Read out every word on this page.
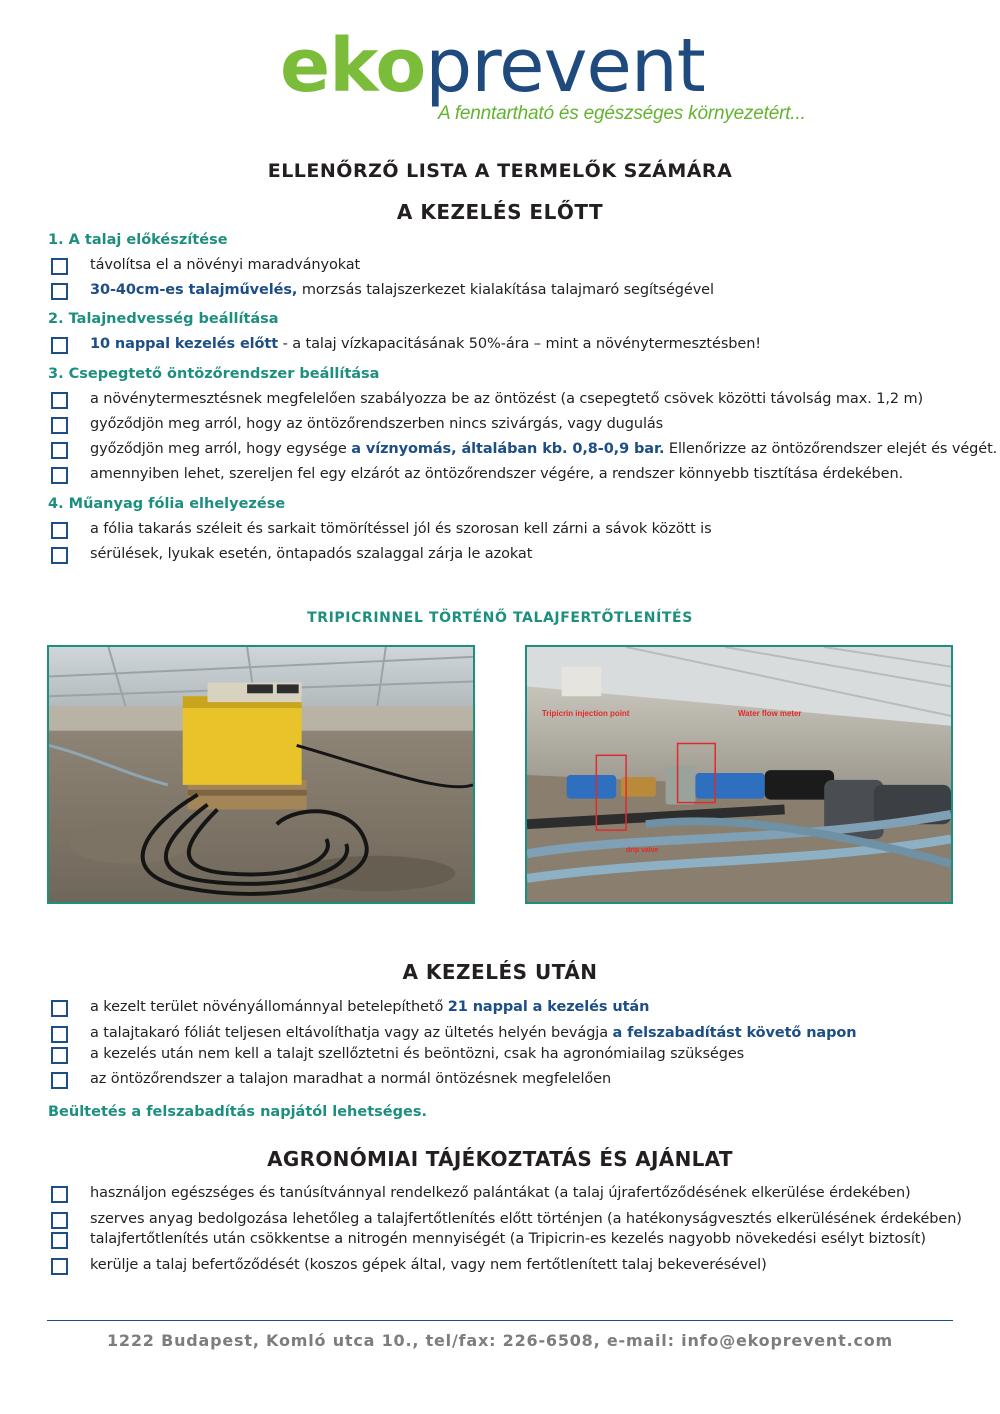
ekoprevent
A fenntartható és egészséges környezetért...
ELLENŐRZŐ LISTA A TERMELŐK SZÁMÁRA
A KEZELÉS ELŐTT
1. A talaj előkészítése
távolítsa el a növényi maradványokat
30-40cm-es talajművelés, morzsás talajszerkezet kialakítása talajmaró segítségével
2. Talajnedvesség beállítása
10 nappal kezelés előtt - a talaj vízkapacitásának 50%-ára – mint a növénytermesztésben!
3. Csepegtető öntözőrendszer beállítása
a növénytermesztésnek megfelelően szabályozza be az öntözést (a csepegtető csövek közötti távolság max. 1,2 m)
győződjön meg arról, hogy az öntözőrendszerben nincs szivárgás, vagy dugulás
győződjön meg arról, hogy egysége a víznyomás, általában kb. 0,8-0,9 bar. Ellenőrizze az öntözőrendszer elejét és végét.
amennyiben lehet, szereljen fel egy elzárót az öntözőrendszer végére, a rendszer könnyebb tisztítása érdekében.
4. Műanyag fólia elhelyezése
a fólia takarás széleit és sarkait tömörítéssel jól és szorosan kell zárni a sávok között is
sérülések, lyukak esetén, öntapadós szalaggal zárja le azokat
TRIPICRINNEL TÖRTÉNŐ TALAJFERTŐTLENÍTÉS
Tripicrin injection point	Water flow meter
drip valve
A KEZELÉS UTÁN
a kezelt terület növényállománnyal betelepíthető 21 nappal a kezelés után
a talajtakaró fóliát teljesen eltávolíthatja vagy az ültetés helyén bevágja a felszabadítást követő napon
a kezelés után nem kell a talajt szellőztetni és beöntözni, csak ha agronómiailag szükséges
az öntözőrendszer a talajon maradhat a normál öntözésnek megfelelően
Beültetés a felszabadítás napjától lehetséges.
AGRONÓMIAI TÁJÉKOZTATÁS ÉS AJÁNLAT
használjon egészséges és tanúsítvánnyal rendelkező palántákat (a talaj újrafertőződésének elkerülése érdekében)
szerves anyag bedolgozása lehetőleg a talajfertőtlenítés előtt történjen (a hatékonyságvesztés elkerülésének érdekében)
talajfertőtlenítés után csökkentse a nitrogén mennyiségét (a Tripicrin-es kezelés nagyobb növekedési esélyt biztosít)
kerülje a talaj befertőződését (koszos gépek által, vagy nem fertőtlenített talaj bekeverésével)
1222 Budapest, Komló utca 10., tel/fax: 226-6508, e-mail: info@ekoprevent.com
